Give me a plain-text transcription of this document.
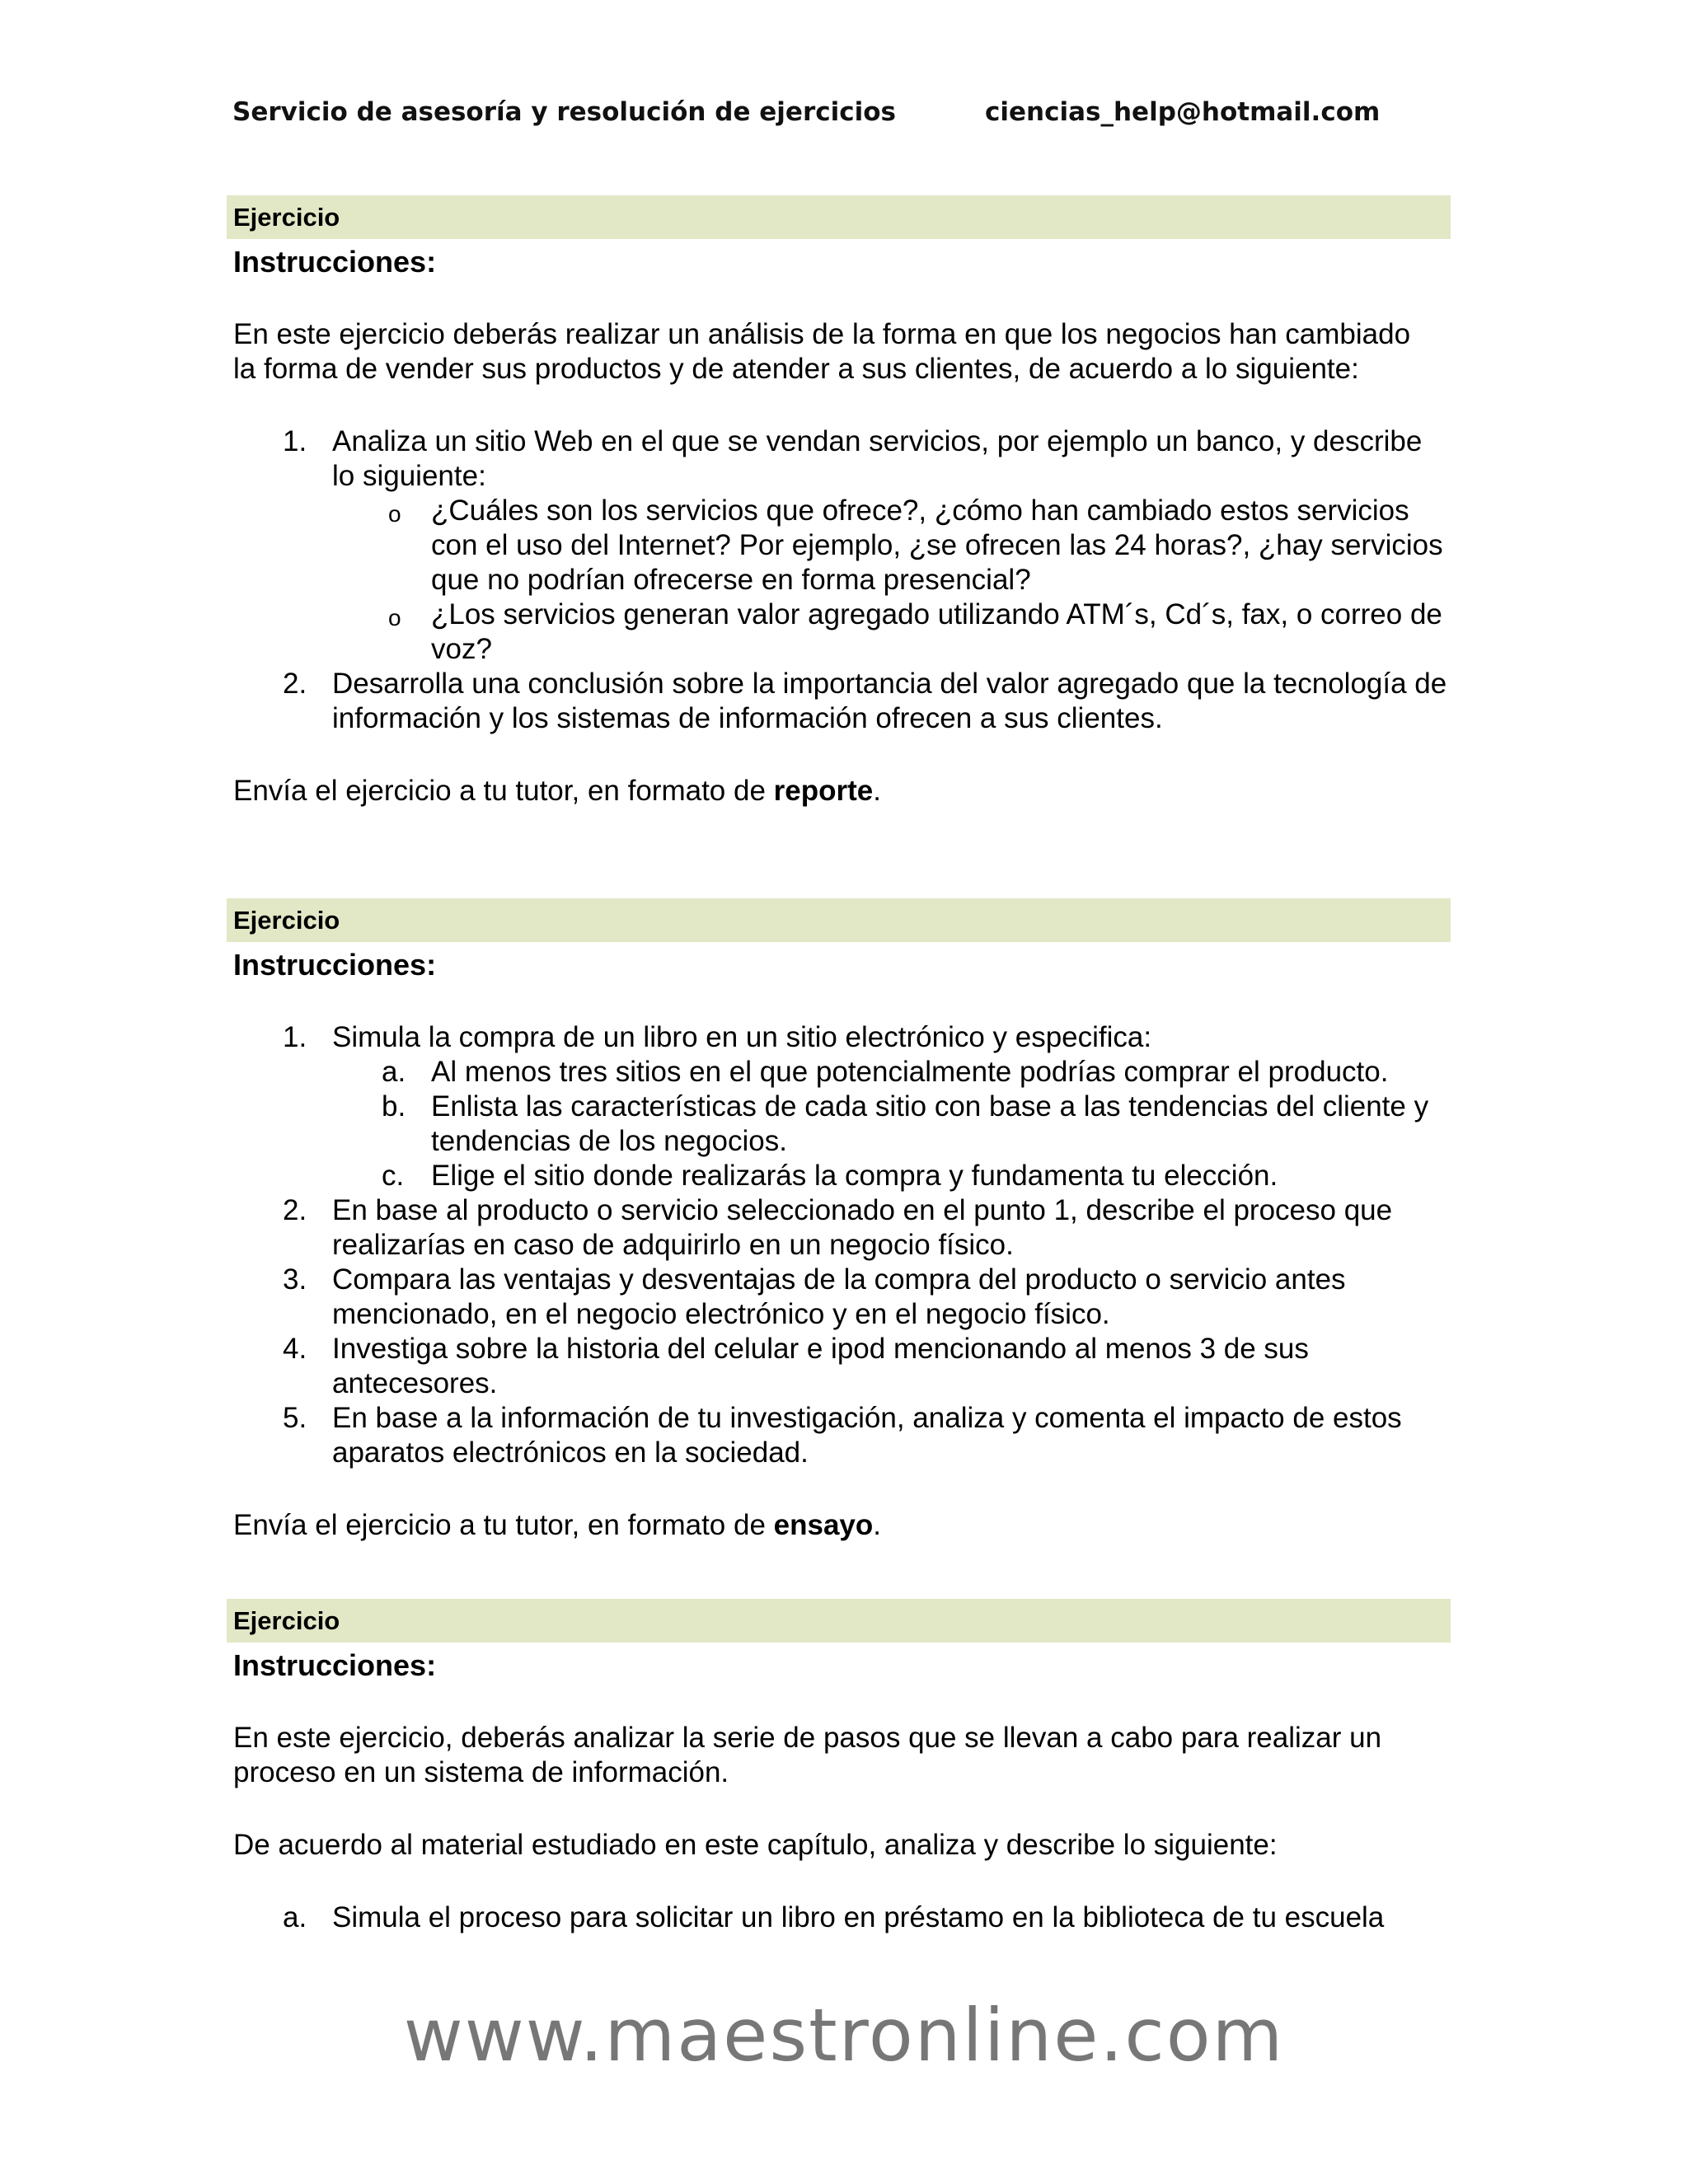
Servicio de asesoría y resolución de ejercicios	ciencias_help@hotmail.com
Ejercicio
Instrucciones:
En este ejercicio deberás realizar un análisis de la forma en que los negocios han cambiado la forma de vender sus productos y de atender a sus clientes, de acuerdo a lo siguiente:
1. Analiza un sitio Web en el que se vendan servicios, por ejemplo un banco, y describe lo siguiente:
o ¿Cuáles son los servicios que ofrece?, ¿cómo han cambiado estos servicios con el uso del Internet? Por ejemplo, ¿se ofrecen las 24 horas?, ¿hay servicios que no podrían ofrecerse en forma presencial?
o ¿Los servicios generan valor agregado utilizando ATM´s, Cd´s, fax, o correo de voz?
2. Desarrolla una conclusión sobre la importancia del valor agregado que la tecnología de información y los sistemas de información ofrecen a sus clientes.
Envía el ejercicio a tu tutor, en formato de reporte.
Ejercicio
Instrucciones:
1. Simula la compra de un libro en un sitio electrónico y especifica:
a. Al menos tres sitios en el que potencialmente podrías comprar el producto.
b. Enlista las características de cada sitio con base a las tendencias del cliente y tendencias de los negocios.
c. Elige el sitio donde realizarás la compra y fundamenta tu elección.
2. En base al producto o servicio seleccionado en el punto 1, describe el proceso que realizarías en caso de adquirirlo en un negocio físico.
3. Compara las ventajas y desventajas de la compra del producto o servicio antes mencionado, en el negocio electrónico y en el negocio físico.
4. Investiga sobre la historia del celular e ipod mencionando al menos 3 de sus antecesores.
5. En base a la información de tu investigación, analiza y comenta el impacto de estos aparatos electrónicos en la sociedad.
Envía el ejercicio a tu tutor, en formato de ensayo.
Ejercicio
Instrucciones:
En este ejercicio, deberás analizar la serie de pasos que se llevan a cabo para realizar un proceso en un sistema de información.
De acuerdo al material estudiado en este capítulo, analiza y describe lo siguiente:
a. Simula el proceso para solicitar un libro en préstamo en la biblioteca de tu escuela
www.maestronline.com
